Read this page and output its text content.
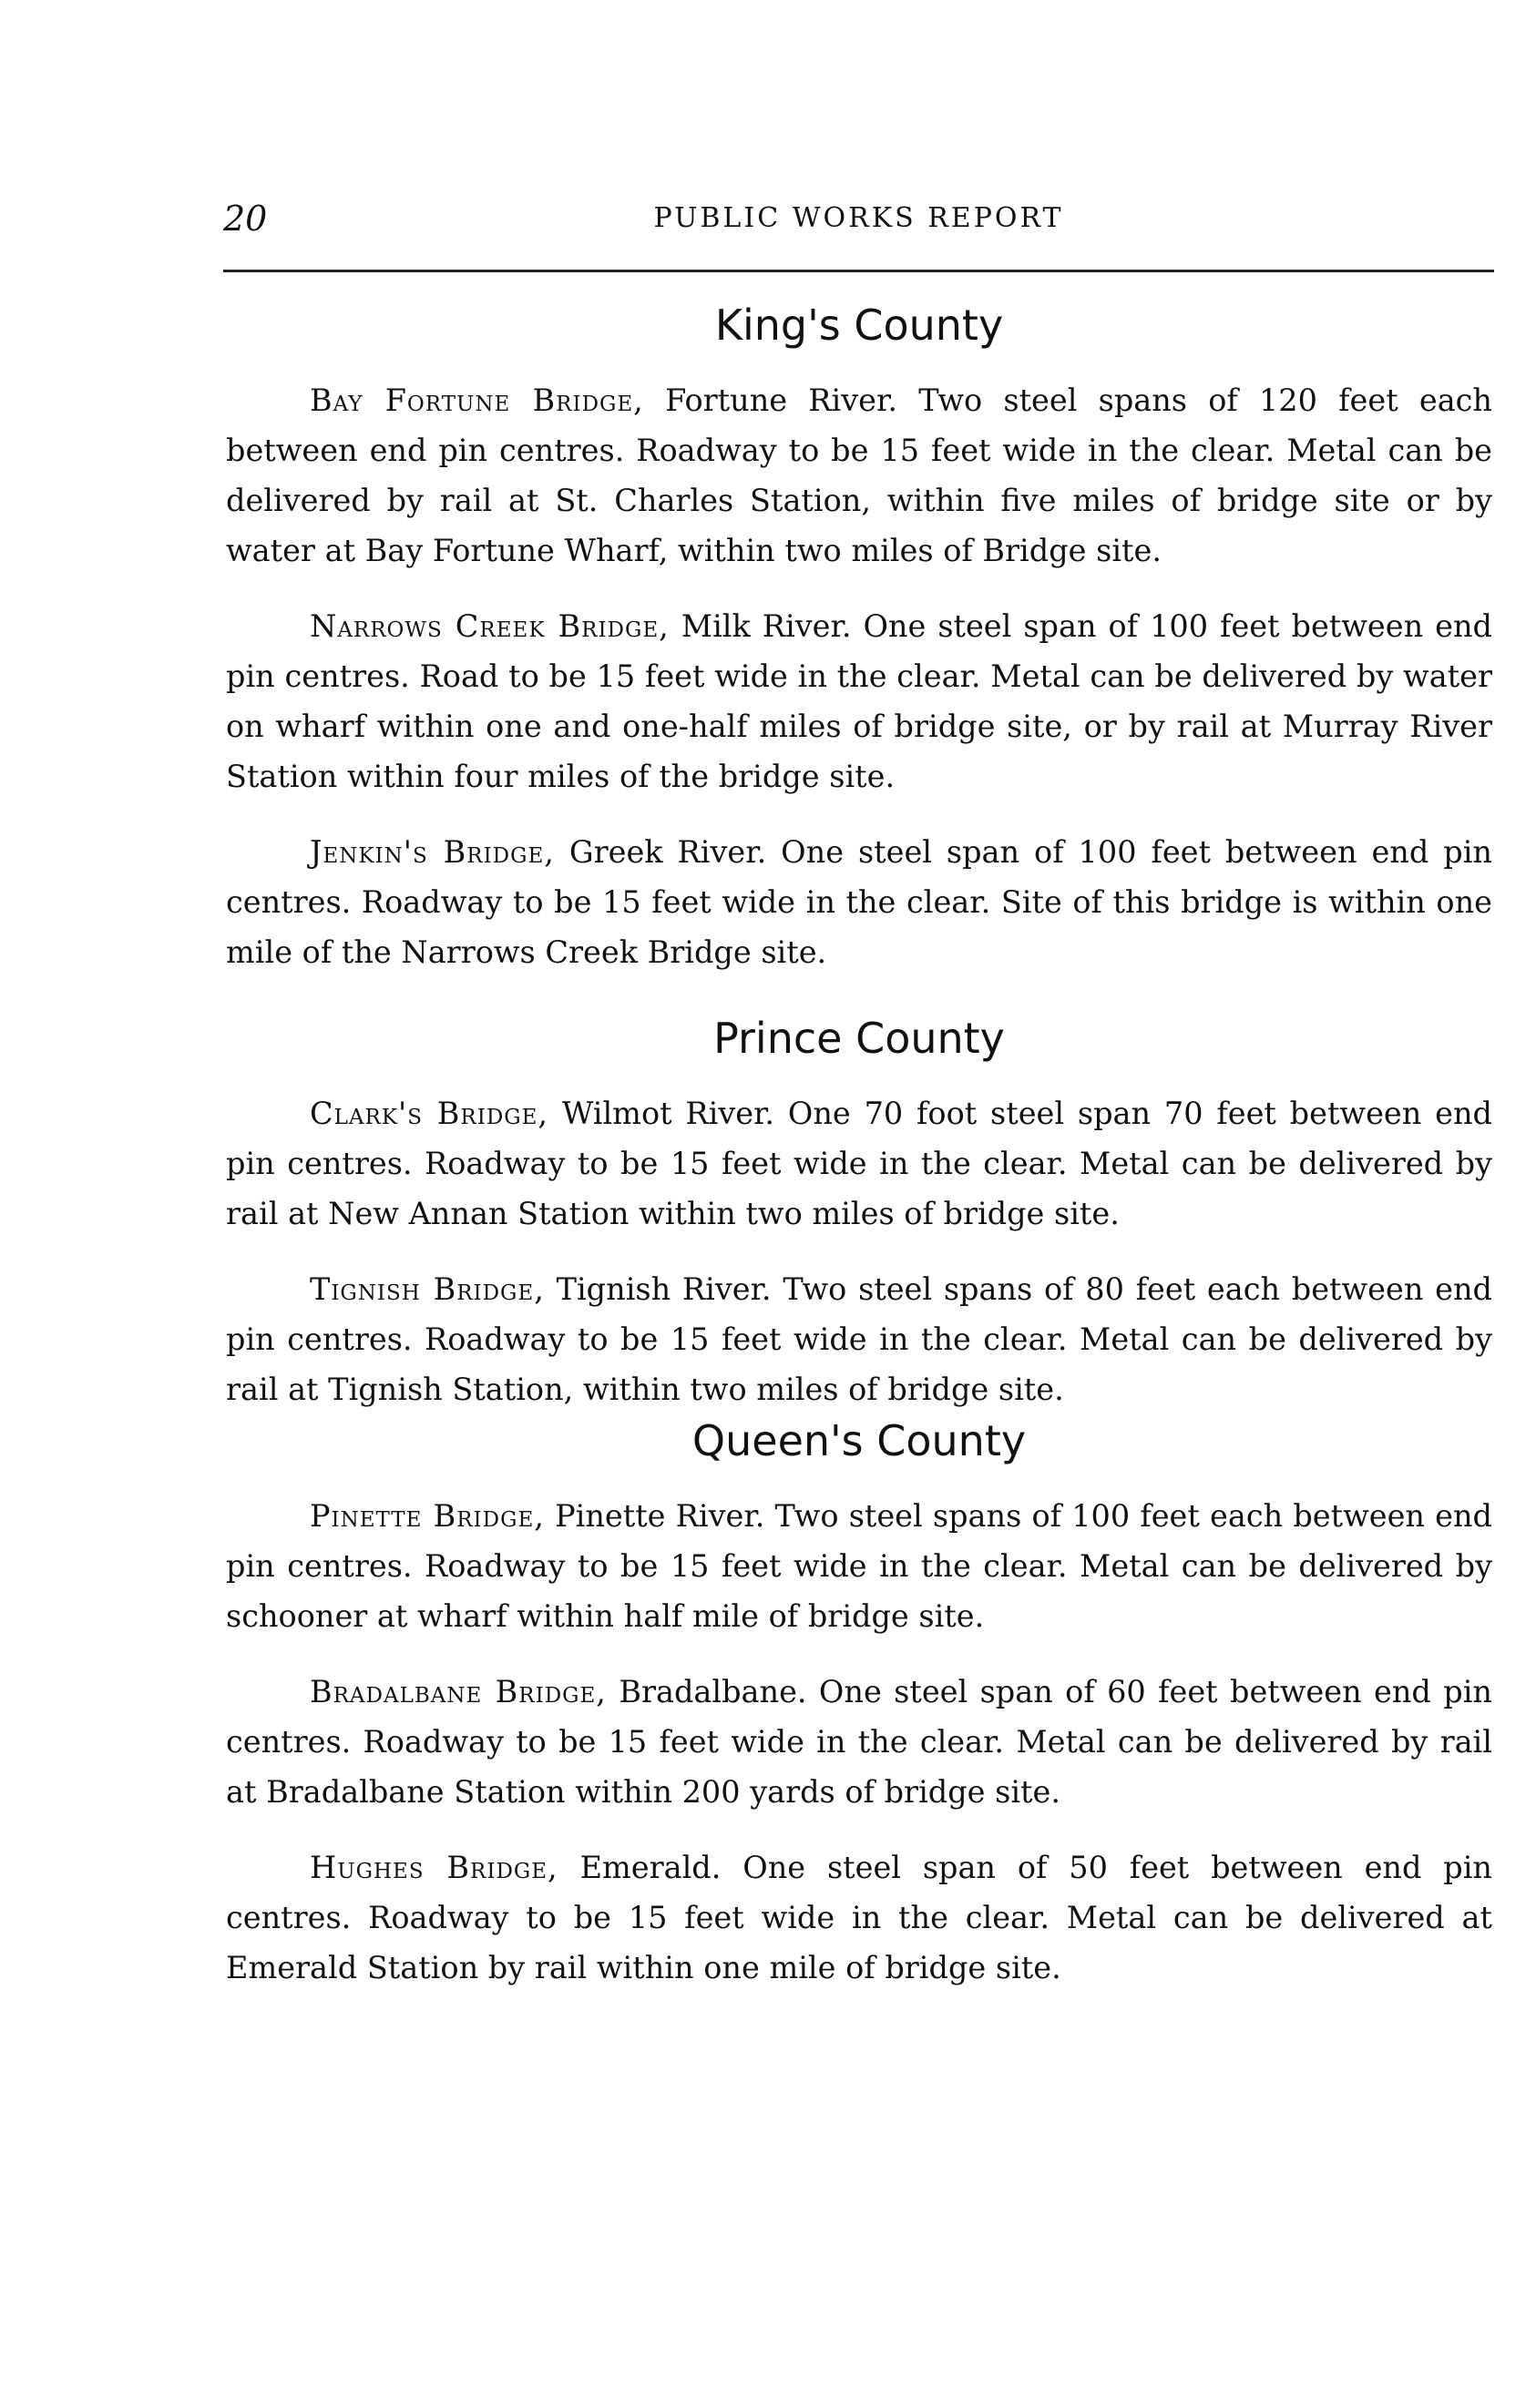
20	PUBLIC WORKS REPORT
King's County

Bay Fortune Bridge, Fortune River. Two steel spans of 120 feet each between end pin centres. Roadway to be 15 feet wide in the clear. Metal can be delivered by rail at St. Charles Station, within five miles of bridge site or by water at Bay Fortune Wharf, within two miles of Bridge site.

Narrows Creek Bridge, Milk River. One steel span of 100 feet between end pin centres. Road to be 15 feet wide in the clear. Metal can be delivered by water on wharf within one and one-half miles of bridge site, or by rail at Murray River Station within four miles of the bridge site.

Jenkin's Bridge, Greek River. One steel span of 100 feet between end pin centres. Roadway to be 15 feet wide in the clear. Site of this bridge is within one mile of the Narrows Creek Bridge site.

Prince County

Clark's Bridge, Wilmot River. One 70 foot steel span 70 feet between end pin centres. Roadway to be 15 feet wide in the clear. Metal can be delivered by rail at New Annan Station within two miles of bridge site.

Tignish Bridge, Tignish River. Two steel spans of 80 feet each between end pin centres. Roadway to be 15 feet wide in the clear. Metal can be delivered by rail at Tignish Station, within two miles of bridge site.

Queen's County

Pinette Bridge, Pinette River. Two steel spans of 100 feet each between end pin centres. Roadway to be 15 feet wide in the clear. Metal can be delivered by schooner at wharf within half mile of bridge site.

Bradalbane Bridge, Bradalbane. One steel span of 60 feet between end pin centres. Roadway to be 15 feet wide in the clear. Metal can be delivered by rail at Bradalbane Station within 200 yards of bridge site.

Hughes Bridge, Emerald. One steel span of 50 feet between end pin centres. Roadway to be 15 feet wide in the clear. Metal can be delivered at Emerald Station by rail within one mile of bridge site.
